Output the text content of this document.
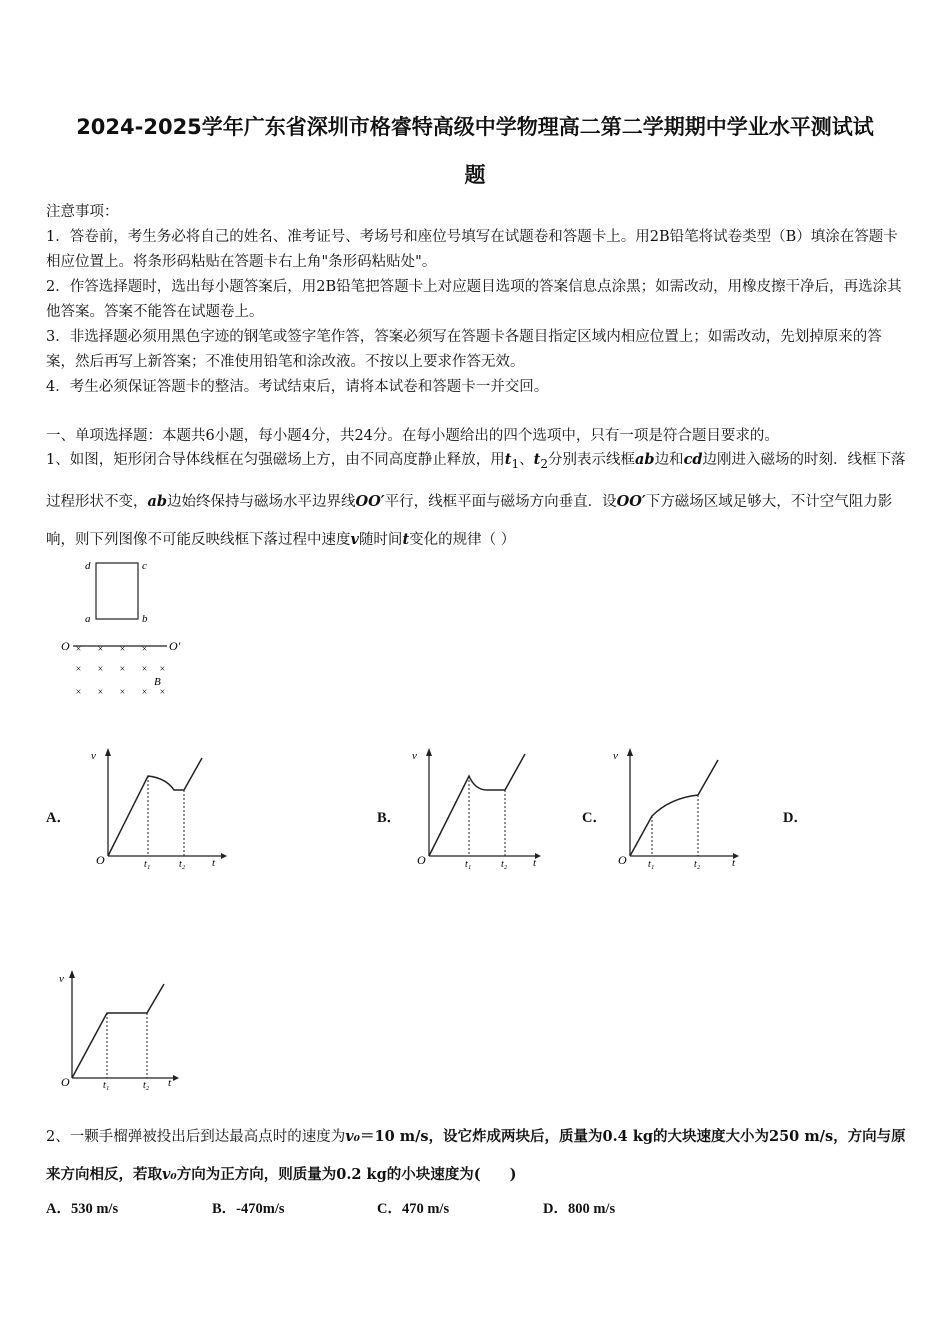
2024-2025学年广东省深圳市格睿特高级中学物理高二第二学期期中学业水平测试试
题
注意事项：
1．答卷前，考生务必将自己的姓名、准考证号、考场号和座位号填写在试题卷和答题卡上。用2B铅笔将试卷类型（B）填涂在答题卡相应位置上。将条形码粘贴在答题卡右上角"条形码粘贴处"。
2．作答选择题时，选出每小题答案后，用2B铅笔把答题卡上对应题目选项的答案信息点涂黑；如需改动，用橡皮擦干净后，再选涂其他答案。答案不能答在试题卷上。
3．非选择题必须用黑色字迹的钢笔或签字笔作答，答案必须写在答题卡各题目指定区域内相应位置上；如需改动，先划掉原来的答案，然后再写上新答案；不准使用铅笔和涂改液。不按以上要求作答无效。
4．考生必须保证答题卡的整洁。考试结束后，请将本试卷和答题卡一并交回。
一、单项选择题：本题共6小题，每小题4分，共24分。在每小题给出的四个选项中，只有一项是符合题目要求的。
1、如图，矩形闭合导体线框在匀强磁场上方，由不同高度静止释放，用$t_1$、$t_2$分别表示线框ab边和cd边刚进入磁场的时刻．线框下落过程形状不变，ab边始终保持与磁场水平边界线OO′平行，线框平面与磁场方向垂直．设OO′下方磁场区域足够大，不计空气阻力影响，则下列图像不可能反映线框下落过程中速度v随时间t变化的规律（ ）
d	c
a	b
O	O′
× × × ×
× × × × ×
× × × × ×
B
A．	B．	C．	D．
v
t
O	t₁	t₂
v
t
O	t₁	t₂
v
t
O t₁	t₂
v
t
O	t₁	t₂
2、一颗手榴弹被投出后到达最高点时的速度为v₀＝10 m/s，设它炸成两块后，质量为0.4 kg的大块速度大小为250 m/s，方向与原来方向相反，若取v₀方向为正方向，则质量为0.2 kg的小块速度为(　　)
A．530 m/s	B．-470m/s	C．470 m/s	D．800 m/s
